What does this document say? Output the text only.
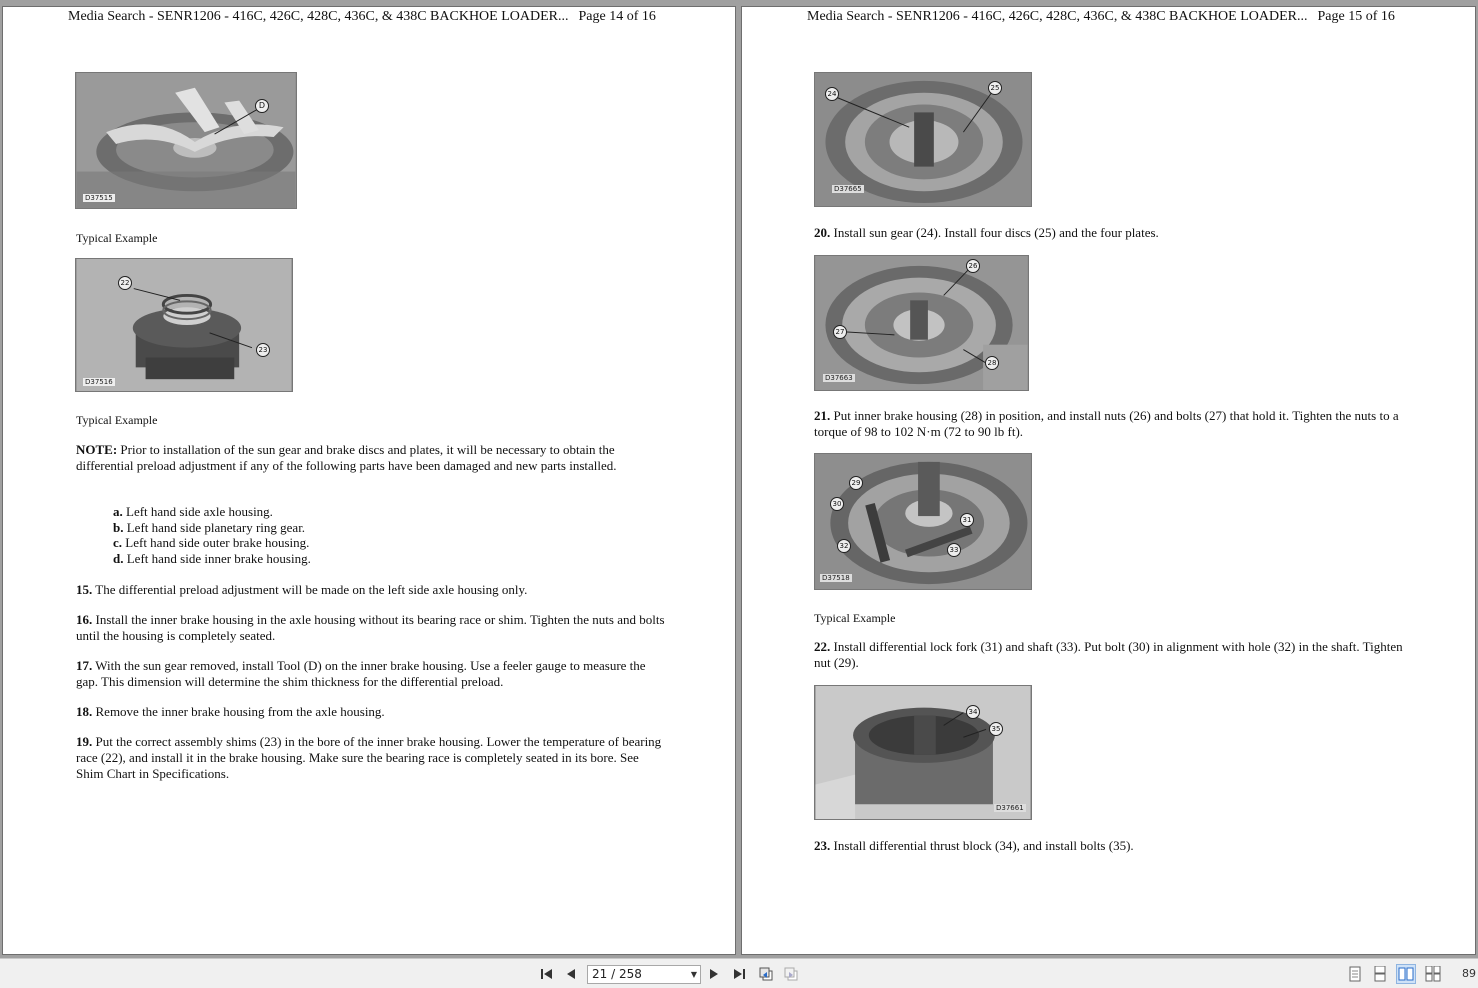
Media Search - SENR1206 - 416C, 426C, 428C, 436C, & 438C BACKHOE LOADER... Page 14 of 16
D
D37515
Typical Example
22
23
D37516
Typical Example
NOTE: Prior to installation of the sun gear and brake discs and plates, it will be necessary to obtain the differential preload adjustment if any of the following parts have been damaged and new parts installed.
a. Left hand side axle housing.
b. Left hand side planetary ring gear.
c. Left hand side outer brake housing.
d. Left hand side inner brake housing.
15. The differential preload adjustment will be made on the left side axle housing only.
16. Install the inner brake housing in the axle housing without its bearing race or shim. Tighten the nuts and bolts until the housing is completely seated.
17. With the sun gear removed, install Tool (D) on the inner brake housing. Use a feeler gauge to measure the gap. This dimension will determine the shim thickness for the differential preload.
18. Remove the inner brake housing from the axle housing.
19. Put the correct assembly shims (23) in the bore of the inner brake housing. Lower the temperature of bearing race (22), and install it in the brake housing. Make sure the bearing race is completely seated in its bore. See Shim Chart in Specifications.
Media Search - SENR1206 - 416C, 426C, 428C, 436C, & 438C BACKHOE LOADER... Page 15 of 16
24
25
D37665
20. Install sun gear (24). Install four discs (25) and the four plates.
26
27
28
D37663
21. Put inner brake housing (28) in position, and install nuts (26) and bolts (27) that hold it. Tighten the nuts to a torque of 98 to 102 N·m (72 to 90 lb ft).
29
30
31
32	33
D37518
Typical Example
22. Install differential lock fork (31) and shaft (33). Put bolt (30) in alignment with hole (32) in the shaft. Tighten nut (29).
34
35
D37661
23. Install differential thrust block (34), and install bolts (35).
21 / 258	▼	89
